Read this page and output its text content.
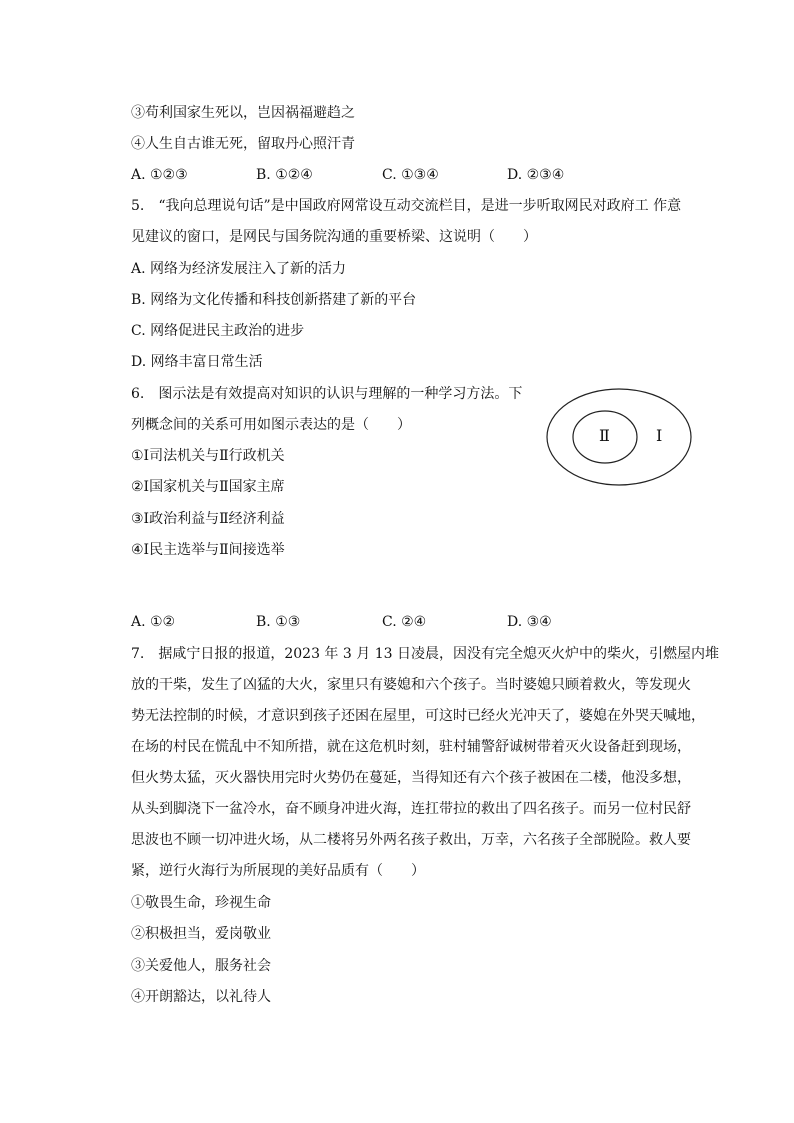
③苟利国家生死以，岂因祸福避趋之
④人生自古谁无死，留取丹心照汗青
A. ①②③	B. ①②④	C. ①③④	D. ②③④
5.　“我向总理说句话”是中国政府网常设互动交流栏目，是进一步听取网民对政府工 作意
见建议的窗口，是网民与国务院沟通的重要桥梁、这说明（　　）
A. 网络为经济发展注入了新的活力
B. 网络为文化传播和科技创新搭建了新的平台
C. 网络促进民主政治的进步
D. 网络丰富日常生活
6.　图示法是有效提高对知识的认识与理解的一种学习方法。下
列概念间的关系可用如图示表达的是（　　）
①Ⅰ司法机关与Ⅱ行政机关
②Ⅰ国家机关与Ⅱ国家主席
③Ⅰ政治利益与Ⅱ经济利益
④Ⅰ民主选举与Ⅱ间接选举
Ⅱ	Ⅰ
A. ①②	B. ①③	C. ②④	D. ③④
7.　据咸宁日报的报道，2023 年 3 月 13 日凌晨，因没有完全熄灭火炉中的柴火，引燃屋内堆
放的干柴，发生了凶猛的大火，家里只有婆媳和六个孩子。当时婆媳只顾着救火，等发现火
势无法控制的时候，才意识到孩子还困在屋里，可这时已经火光冲天了，婆媳在外哭天喊地，
在场的村民在慌乱中不知所措，就在这危机时刻，驻村辅警舒诚树带着灭火设备赶到现场，
但火势太猛，灭火器快用完时火势仍在蔓延，当得知还有六个孩子被困在二楼，他没多想，
从头到脚浇下一盆冷水，奋不顾身冲进火海，连扛带拉的救出了四名孩子。而另一位村民舒
思波也不顾一切冲进火场，从二楼将另外两名孩子救出，万幸，六名孩子全部脱险。救人要
紧，逆行火海行为所展现的美好品质有（　　）
①敬畏生命，珍视生命
②积极担当，爱岗敬业
③关爱他人，服务社会
④开朗豁达，以礼待人
